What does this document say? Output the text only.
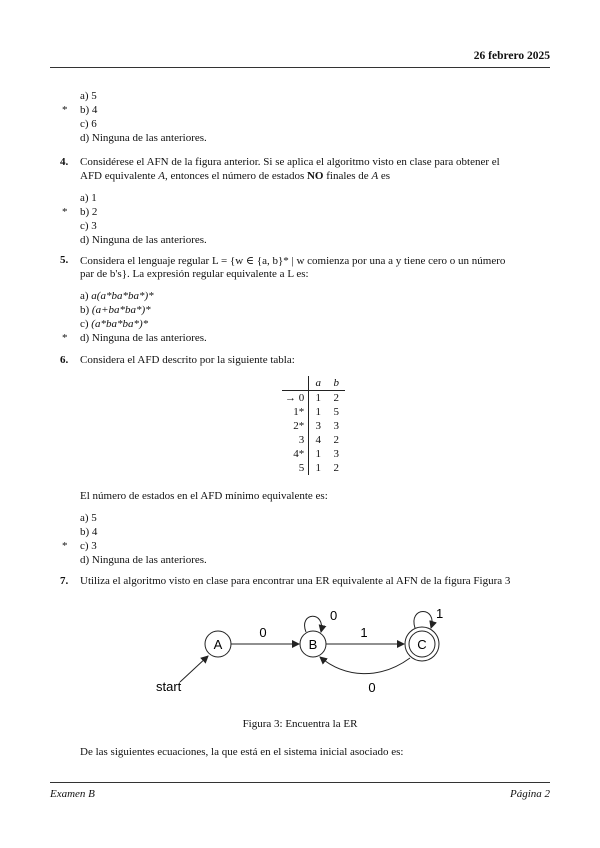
26 febrero 2025
a) 5
* b) 4
c) 6
d) Ninguna de las anteriores.
4. Considérese el AFN de la figura anterior. Si se aplica el algoritmo visto en clase para obtener el
AFD equivalente A, entonces el número de estados NO finales de A es
a) 1
* b) 2
c) 3
d) Ninguna de las anteriores.
5. Considera el lenguaje regular L = {w ∈ {a, b}* | w comienza por una a y tiene cero o un número
par de b's}. La expresión regular equivalente a L es:
a) a(a*ba*ba*)*
b) (a+ba*ba*)*
c) (a*ba*ba*)*
* d) Ninguna de las anteriores.
6. Considera el AFD descrito por la siguiente tabla:
	a	b
→ 0	1	2
1*	1	5
2*	3	3
3	4	2
4*	1	3
5	1	2
El número de estados en el AFD mínimo equivalente es:
a) 5
b) 4
* c) 3
d) Ninguna de las anteriores.
7. Utiliza el algoritmo visto en clase para encontrar una ER equivalente al AFN de la figura Figura 3
start
A
0
B
0
1
C
1
0
Figura 3: Encuentra la ER
De las siguientes ecuaciones, la que está en el sistema inicial asociado es:
Examen B	Página 2
